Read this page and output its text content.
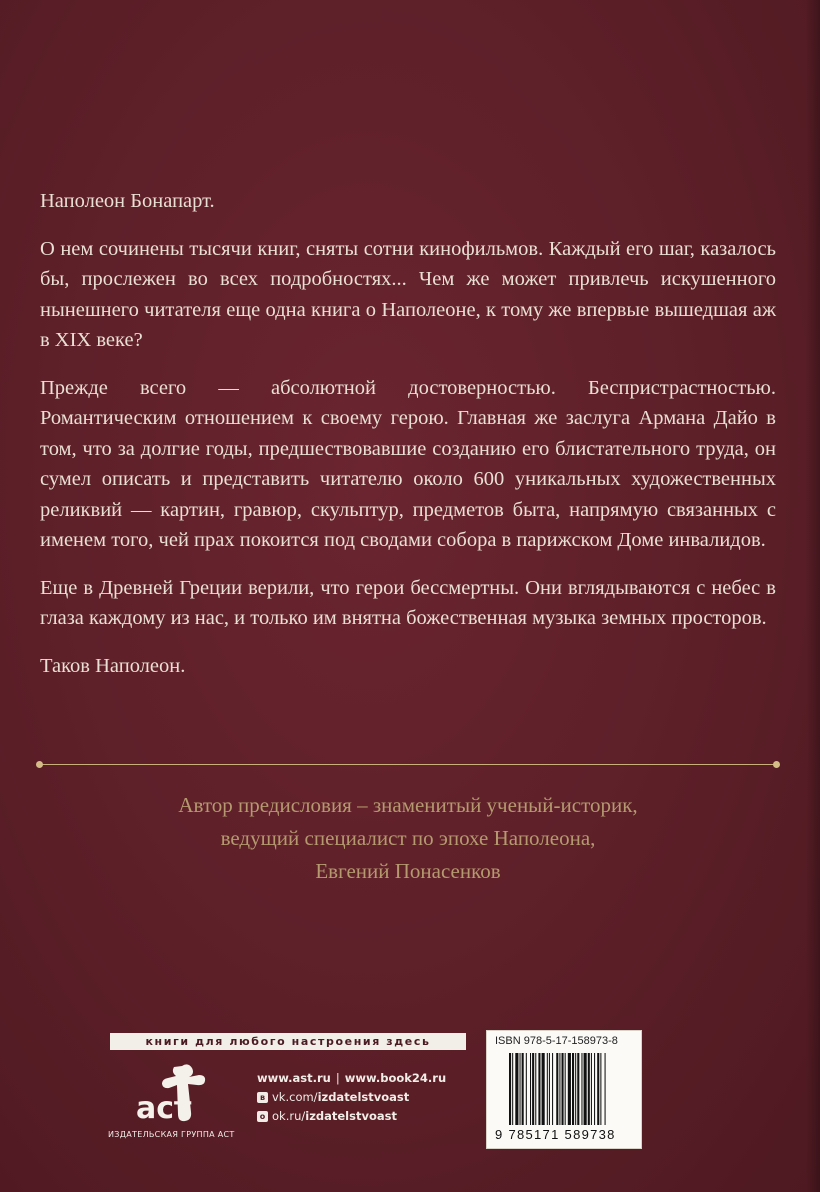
Наполеон Бонапарт.

О нем сочинены тысячи книг, сняты сотни кинофильмов. Каждый его шаг, казалось бы, прослежен во всех подробностях... Чем же может привлечь искушенного нынешнего читателя еще одна книга о Наполеоне, к тому же впервые вышедшая аж в XIX веке?

Прежде всего — абсолютной достоверностью. Беспристрастностью. Романтическим отношением к своему герою. Главная же заслуга Армана Дайо в том, что за долгие годы, предшествовавшие созданию его блистательного труда, он сумел описать и представить читателю около 600 уникальных художественных реликвий — картин, гравюр, скульптур, предметов быта, напрямую связанных с именем того, чей прах покоится под сводами собора в парижском Доме инвалидов.

Еще в Древней Греции верили, что герои бессмертны. Они вглядываются с небес в глаза каждому из нас, и только им внятна божественная музыка земных просторов.

Таков Наполеон.

Автор предисловия – знаменитый ученый-историк,
ведущий специалист по эпохе Наполеона,
Евгений Понасенков
книги для любого настроения здесь
аст
ИЗДАТЕЛЬСКАЯ ГРУППА АСТ
www.ast.ru | www.book24.ru
в vk.com/ izdatelstvoast
о ok.ru/ izdatelstvoast
ISBN 978-5-17-158973-8
9 785171 589738
